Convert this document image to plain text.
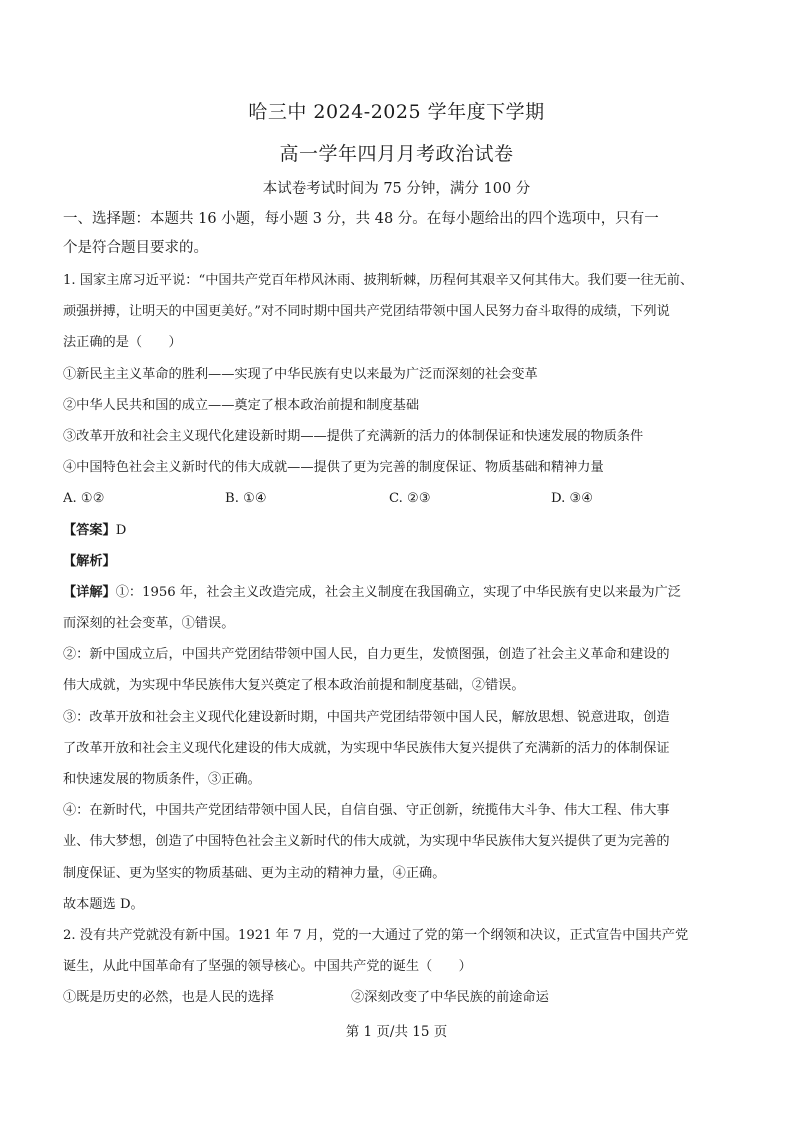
哈三中 2024-2025 学年度下学期
高一学年四月月考政治试卷
本试卷考试时间为 75 分钟，满分 100 分
一、选择题：本题共 16 小题，每小题 3 分，共 48 分。在每小题给出的四个选项中，只有一
个是符合题目要求的。
1. 国家主席习近平说：“中国共产党百年栉风沐雨、披荆斩棘，历程何其艰辛又何其伟大。我们要一往无前、
顽强拼搏，让明天的中国更美好。”对不同时期中国共产党团结带领中国人民努力奋斗取得的成绩，下列说
法正确的是（　　）
①新民主主义革命的胜利——实现了中华民族有史以来最为广泛而深刻的社会变革
②中华人民共和国的成立——奠定了根本政治前提和制度基础
③改革开放和社会主义现代化建设新时期——提供了充满新的活力的体制保证和快速发展的物质条件
④中国特色社会主义新时代的伟大成就——提供了更为完善的制度保证、物质基础和精神力量
A. ①②	B. ①④	C. ②③	D. ③④
【答案】D
【解析】
【详解】①：1956 年，社会主义改造完成，社会主义制度在我国确立，实现了中华民族有史以来最为广泛
而深刻的社会变革，①错误。
②：新中国成立后，中国共产党团结带领中国人民，自力更生，发愤图强，创造了社会主义革命和建设的
伟大成就，为实现中华民族伟大复兴奠定了根本政治前提和制度基础，②错误。
③：改革开放和社会主义现代化建设新时期，中国共产党团结带领中国人民，解放思想、锐意进取，创造
了改革开放和社会主义现代化建设的伟大成就，为实现中华民族伟大复兴提供了充满新的活力的体制保证
和快速发展的物质条件，③正确。
④：在新时代，中国共产党团结带领中国人民，自信自强、守正创新，统揽伟大斗争、伟大工程、伟大事
业、伟大梦想，创造了中国特色社会主义新时代的伟大成就，为实现中华民族伟大复兴提供了更为完善的
制度保证、更为坚实的物质基础、更为主动的精神力量，④正确。
故本题选 D。
2. 没有共产党就没有新中国。1921 年 7 月，党的一大通过了党的第一个纲领和决议，正式宣告中国共产党
诞生，从此中国革命有了坚强的领导核心。中国共产党的诞生（　　）
①既是历史的必然，也是人民的选择	②深刻改变了中华民族的前途命运
第 1 页/共 15 页
